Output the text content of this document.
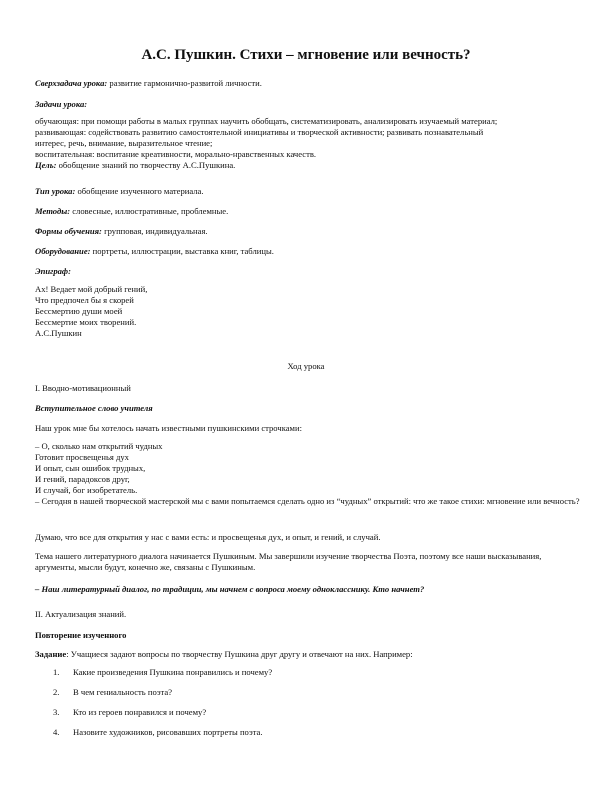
А.С. Пушкин. Стихи – мгновение или вечность?
Сверхзадача урока: развитие гармонично-развитой личности.
Задачи урока:
обучающая: при помощи работы в малых группах научить обобщать, систематизировать, анализировать изучаемый материал;
развивающая: содействовать развитию самостоятельной инициативы и творческой активности; развивать познавательный
интерес, речь, внимание, выразительное чтение;
воспитательная: воспитание креативности, морально-нравственных качеств.
Цель: обобщение знаний по творчеству А.С.Пушкина.
Тип урока: обобщение изученного материала.
Методы: словесные, иллюстративные, проблемные.
Формы обучения: групповая, индивидуальная.
Оборудование: портреты, иллюстрации, выставка книг, таблицы.
Эпиграф:
Ах! Ведает мой добрый гений,
Что предпочел бы я скорей
Бессмертию души моей
Бессмертие моих творений.
А.С.Пушкин
Ход урока
I. Вводно-мотивационный
Вступительное слово учителя
Наш урок мне бы хотелось начать известными пушкинскими строчками:
– О, сколько нам открытий чудных
Готовит просвещенья дух
И опыт, сын ошибок трудных,
И гений, парадоксов друг,
И случай, бог изобретатель.
– Сегодня в нашей творческой мастерской мы с вами попытаемся сделать одно из “чудных” открытий: что же такое стихи: мгновение или вечность?
Думаю, что все для открытия у нас с вами есть: и просвещенья дух, и опыт, и гений, и случай.
Тема нашего литературного диалога начинается Пушкиным. Мы завершили изучение творчества Поэта, поэтому все наши высказывания, аргументы, мысли будут, конечно же, связаны с Пушкиным.
– Наш литературный диалог, по традиции, мы начнем с вопроса моему однокласснику. Кто начнет?
II. Актуализация знаний.
Повторение изученного
Задание: Учащиеся задают вопросы по творчеству Пушкина друг другу и отвечают на них. Например:
1.	Какие произведения Пушкина понравились и почему?
2.	В чем гениальность поэта?
3.	Кто из героев понравился и почему?
4.	Назовите художников, рисовавших портреты поэта.
